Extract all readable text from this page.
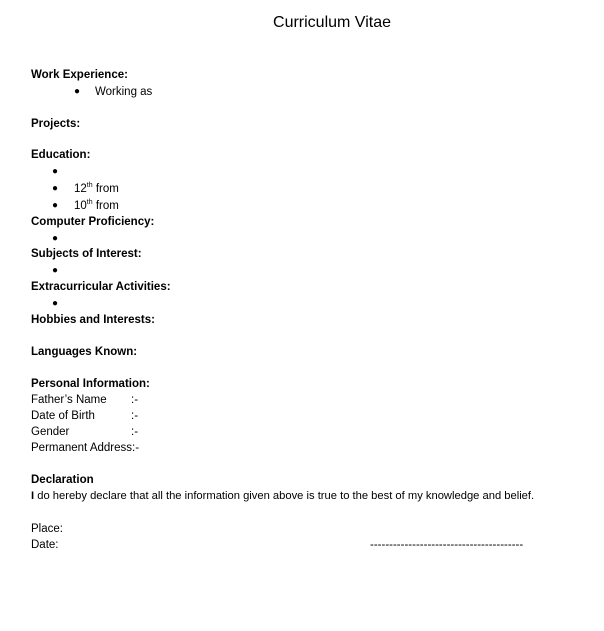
Curriculum Vitae
Work Experience:
● Working as
Projects:
Education:
●
● 12th from
● 10th from
Computer Proficiency:
●
Subjects of Interest:
●
Extracurricular Activities:
●
Hobbies and Interests:
Languages Known:
Personal Information:
Father’s Name :-
Date of Birth	:-
Gender	:-
Permanent Address:-
Declaration
I do hereby declare that all the information given above is true to the best of my knowledge and belief.
Place:
Date:	----------------------------------------
